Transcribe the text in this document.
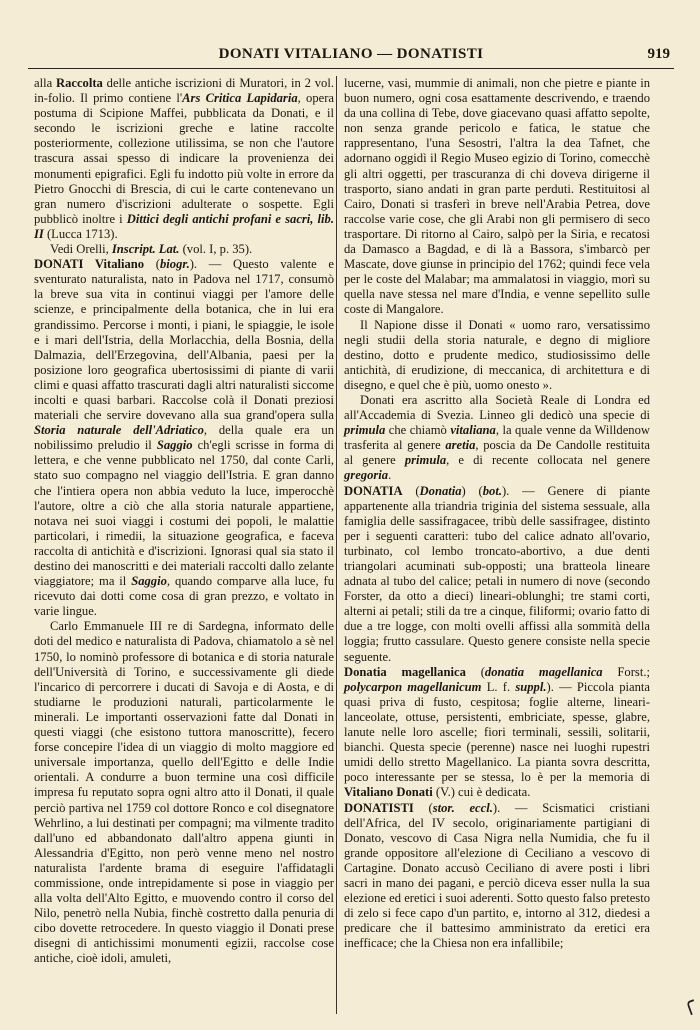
DONATI VITALIANO — DONATISTI	919

alla Raccolta delle antiche iscrizioni di Muratori, in 2 vol. in-folio. Il primo contiene l'Ars Critica Lapidaria, opera postuma di Scipione Maffei, pubblicata da Donati, e il secondo le iscrizioni greche e latine raccolte posteriormente, collezione utilissima, se non che l'autore trascura assai spesso di indicare la provenienza dei monumenti epigrafici. Egli fu indotto più volte in errore da Pietro Gnocchi di Brescia, di cui le carte contenevano un gran numero d'iscrizioni adulterate o sospette. Egli pubblicò inoltre i Dittici degli antichi profani e sacri, lib. II (Lucca 1713).

Vedi Orelli, Inscript. Lat. (vol. I, p. 35).

DONATI Vitaliano (biogr.). — Questo valente e sventurato naturalista, nato in Padova nel 1717, consumò la breve sua vita in continui viaggi per l'amore delle scienze, e principalmente della botanica, che in lui era grandissimo. Percorse i monti, i piani, le spiaggie, le isole e i mari dell'Istria, della Morlacchia, della Bosnia, della Dalmazia, dell'Erzegovina, dell'Albania, paesi per la posizione loro geografica ubertosissimi di piante di varii climi e quasi affatto trascurati dagli altri naturalisti siccome incolti e quasi barbari. Raccolse colà il Donati preziosi materiali che servire dovevano alla sua grand'opera sulla Storia naturale dell'Adriatico, della quale era un nobilissimo preludio il Saggio ch'egli scrisse in forma di lettera, e che venne pubblicato nel 1750, dal conte Carli, stato suo compagno nel viaggio dell'Istria. E gran danno che l'intiera opera non abbia veduto la luce, imperocchè l'autore, oltre a ciò che alla storia naturale appartiene, notava nei suoi viaggi i costumi dei popoli, le malattie particolari, i rimedii, la situazione geografica, e faceva raccolta di antichità e d'iscrizioni. Ignorasi qual sia stato il destino dei manoscritti e dei materiali raccolti dallo zelante viaggiatore; ma il Saggio, quando comparve alla luce, fu ricevuto dai dotti come cosa di gran prezzo, e voltato in varie lingue.

Carlo Emmanuele III re di Sardegna, informato delle doti del medico e naturalista di Padova, chiamatolo a sè nel 1750, lo nominò professore di botanica e di storia naturale dell'Università di Torino, e successivamente gli diede l'incarico di percorrere i ducati di Savoja e di Aosta, e di studiarne le produzioni naturali, particolarmente le minerali. Le importanti osservazioni fatte dal Donati in questi viaggi (che esistono tuttora manoscritte), fecero forse concepire l'idea di un viaggio di molto maggiore ed universale importanza, quello dell'Egitto e delle Indie orientali. A condurre a buon termine una così difficile impresa fu reputato sopra ogni altro atto il Donati, il quale perciò partiva nel 1759 col dottore Ronco e col disegnatore Wehrlino, a lui destinati per compagni; ma vilmente tradito dall'uno ed abbandonato dall'altro appena giunti in Alessandria d'Egitto, non però venne meno nel nostro naturalista l'ardente brama di eseguire l'affidatagli commissione, onde intrepidamente si pose in viaggio per alla volta dell'Alto Egitto, e muovendo contro il corso del Nilo, penetrò nella Nubia, finchè costretto dalla penuria di cibo dovette retrocedere. In questo viaggio il Donati prese disegni di antichissimi monumenti egizii, raccolse cose antiche, cioè idoli, amuleti,

lucerne, vasi, mummie di animali, non che pietre e piante in buon numero, ogni cosa esattamente descrivendo, e traendo da una collina di Tebe, dove giacevano quasi affatto sepolte, non senza grande pericolo e fatica, le statue che rappresentano, l'una Sesostri, l'altra la dea Tafnet, che adornano oggidì il Regio Museo egizio di Torino, comecchè gli altri oggetti, per trascuranza di chi doveva dirigerne il trasporto, siano andati in gran parte perduti. Restituitosi al Cairo, Donati si trasferì in breve nell'Arabia Petrea, dove raccolse varie cose, che gli Arabi non gli permisero di seco trasportare. Di ritorno al Cairo, salpò per la Siria, e recatosi da Damasco a Bagdad, e di là a Bassora, s'imbarcò per Mascate, dove giunse in principio del 1762; quindi fece vela per le coste del Malabar; ma ammalatosi in viaggio, morì su quella nave stessa nel mare d'India, e venne sepellito sulle coste di Mangalore.

Il Napione disse il Donati « uomo raro, versatissimo negli studii della storia naturale, e degno di migliore destino, dotto e prudente medico, studiosissimo delle antichità, di erudizione, di meccanica, di architettura e di disegno, e quel che è più, uomo onesto ».

Donati era ascritto alla Società Reale di Londra ed all'Accademia di Svezia. Linneo gli dedicò una specie di primula che chiamò vitaliana, la quale venne da Willdenow trasferita al genere aretia, poscia da De Candolle restituita al genere primula, e di recente collocata nel genere gregoria.

DONATIA (Donatia) (bot.). — Genere di piante appartenente alla triandria triginia del sistema sessuale, alla famiglia delle sassifragacee, tribù delle sassifragee, distinto per i seguenti caratteri: tubo del calice adnato all'ovario, turbinato, col lembo troncato-abortivo, a due denti triangolari acuminati sub-opposti; una bratteola lineare adnata al tubo del calice; petali in numero di nove (secondo Forster, da otto a dieci) lineari-oblunghi; tre stami corti, alterni ai petali; stili da tre a cinque, filiformi; ovario fatto di due a tre logge, con molti ovelli affissi alla sommità della loggia; frutto cassulare. Questo genere consiste nella specie seguente.

Donatia magellanica (donatia magellanica Forst.; polycarpon magellanicum L. f. suppl.). — Piccola pianta quasi priva di fusto, cespitosa; foglie alterne, lineari-lanceolate, ottuse, persistenti, embriciate, spesse, glabre, lanute nelle loro ascelle; fiori terminali, sessili, solitarii, bianchi. Questa specie (perenne) nasce nei luoghi rupestri umidi dello stretto Magellanico. La pianta sovra descritta, poco interessante per se stessa, lo è per la memoria di Vitaliano Donati (V.) cui è dedicata.

DONATISTI (stor. eccl.). — Scismatici cristiani dell'Africa, del IV secolo, originariamente partigiani di Donato, vescovo di Casa Nigra nella Numidia, che fu il grande oppositore all'elezione di Ceciliano a vescovo di Cartagine. Donato accusò Ceciliano di avere posti i libri sacri in mano dei pagani, e perciò diceva esser nulla la sua elezione ed eretici i suoi aderenti. Sotto questo falso pretesto di zelo si fece capo d'un partito, e, intorno al 312, diedesi a predicare che il battesimo amministrato da eretici era inefficace; che la Chiesa non era infallibile;

╭
